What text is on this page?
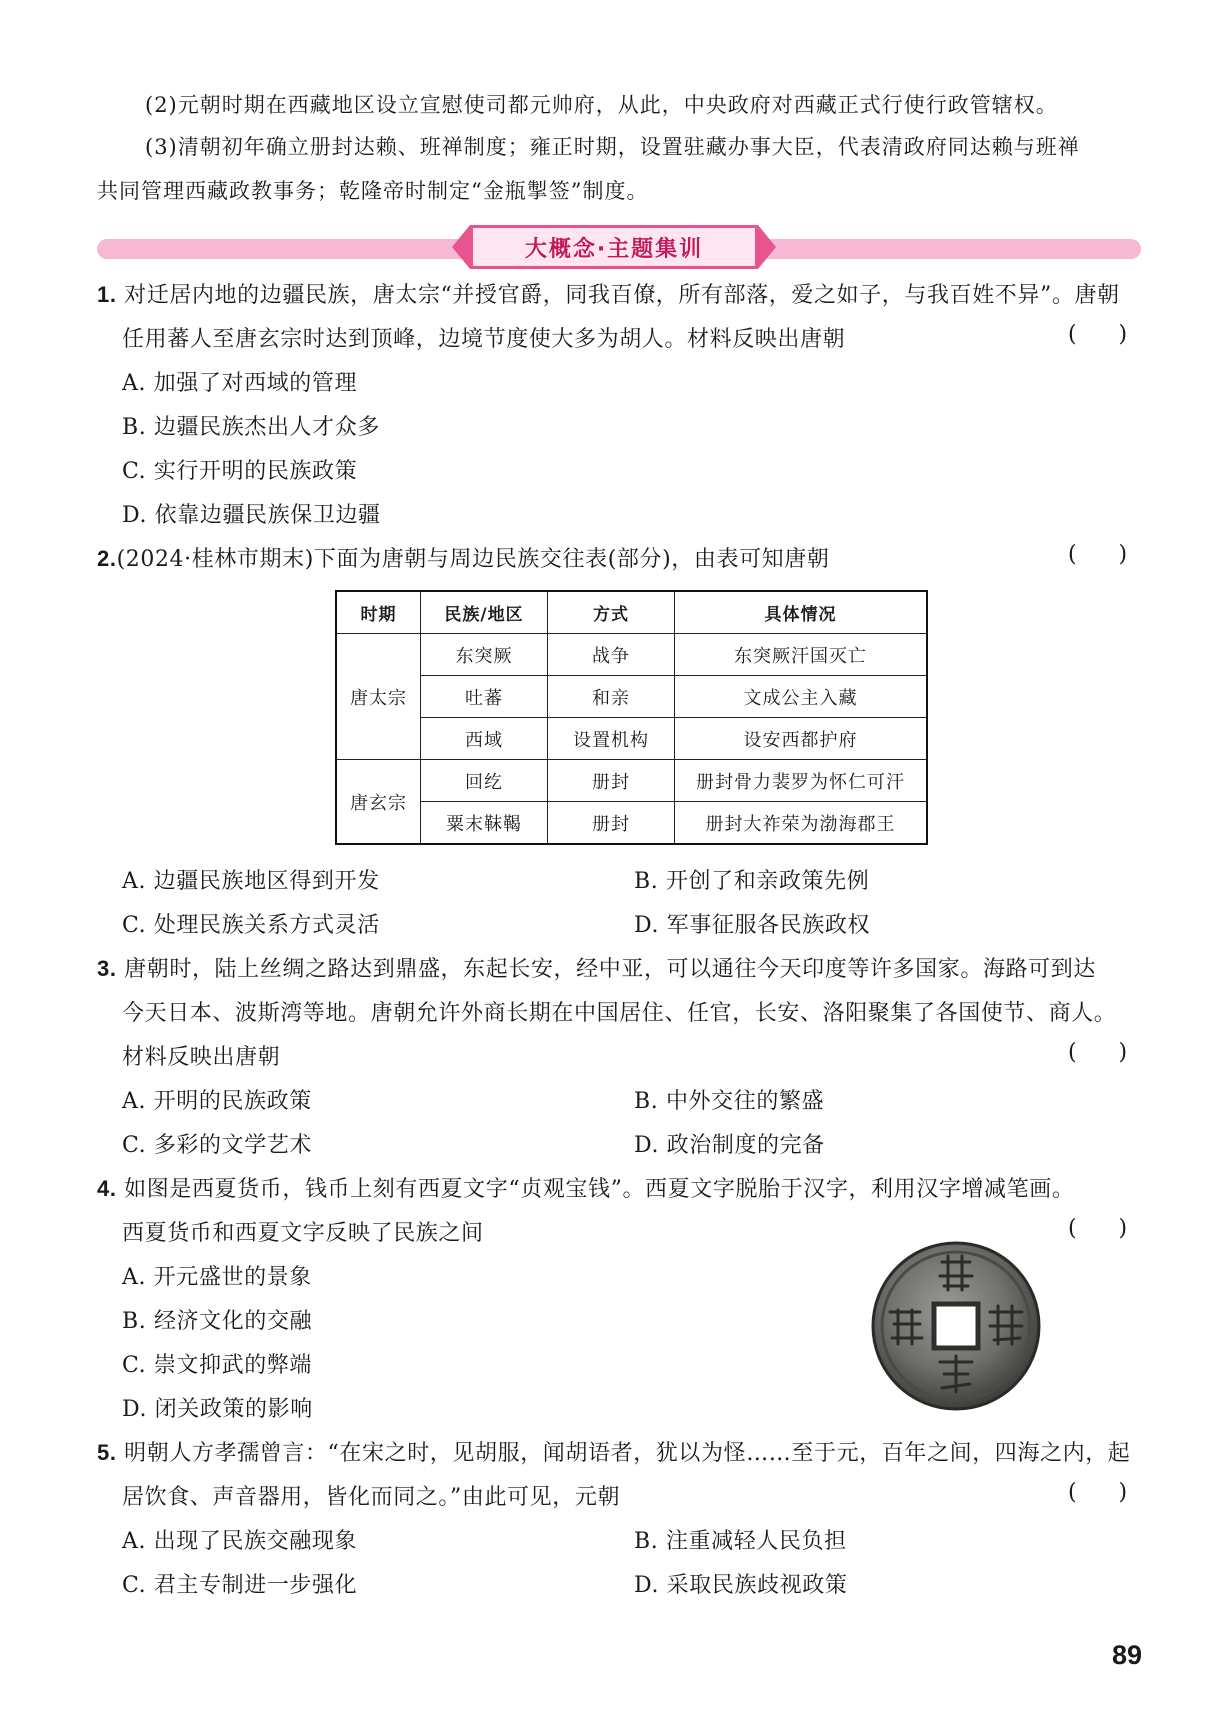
(2)元朝时期在西藏地区设立宣慰使司都元帅府，从此，中央政府对西藏正式行使行政管辖权。
(3)清朝初年确立册封达赖、班禅制度；雍正时期，设置驻藏办事大臣，代表清政府同达赖与班禅
共同管理西藏政教事务；乾隆帝时制定“金瓶掣签”制度。
大概念·主题集训
1. 对迁居内地的边疆民族，唐太宗“并授官爵，同我百僚，所有部落，爱之如子，与我百姓不异”。唐朝
任用蕃人至唐玄宗时达到顶峰，边境节度使大多为胡人。材料反映出唐朝	(      )
A. 加强了对西域的管理
B. 边疆民族杰出人才众多
C. 实行开明的民族政策
D. 依靠边疆民族保卫边疆
2.(2024·桂林市期末)下面为唐朝与周边民族交往表(部分)，由表可知唐朝	(      )
时期	民族/地区	方式	具体情况
唐太宗	东突厥	战争	东突厥汗国灭亡
	吐蕃	和亲	文成公主入藏
	西域	设置机构	设安西都护府
唐玄宗	回纥	册封	册封骨力裴罗为怀仁可汗
	粟末靺鞨	册封	册封大祚荣为渤海郡王
A. 边疆民族地区得到开发	B. 开创了和亲政策先例
C. 处理民族关系方式灵活	D. 军事征服各民族政权
3. 唐朝时，陆上丝绸之路达到鼎盛，东起长安，经中亚，可以通往今天印度等许多国家。海路可到达
今天日本、波斯湾等地。唐朝允许外商长期在中国居住、任官，长安、洛阳聚集了各国使节、商人。
材料反映出唐朝	(      )
A. 开明的民族政策	B. 中外交往的繁盛
C. 多彩的文学艺术	D. 政治制度的完备
4. 如图是西夏货币，钱币上刻有西夏文字“贞观宝钱”。西夏文字脱胎于汉字，利用汉字增减笔画。
西夏货币和西夏文字反映了民族之间	(      )
A. 开元盛世的景象
B. 经济文化的交融
C. 崇文抑武的弊端
D. 闭关政策的影响
5. 明朝人方孝孺曾言：“在宋之时，见胡服，闻胡语者，犹以为怪……至于元，百年之间，四海之内，起
居饮食、声音器用，皆化而同之。”由此可见，元朝	(      )
A. 出现了民族交融现象	B. 注重减轻人民负担
C. 君主专制进一步强化	D. 采取民族歧视政策
89
